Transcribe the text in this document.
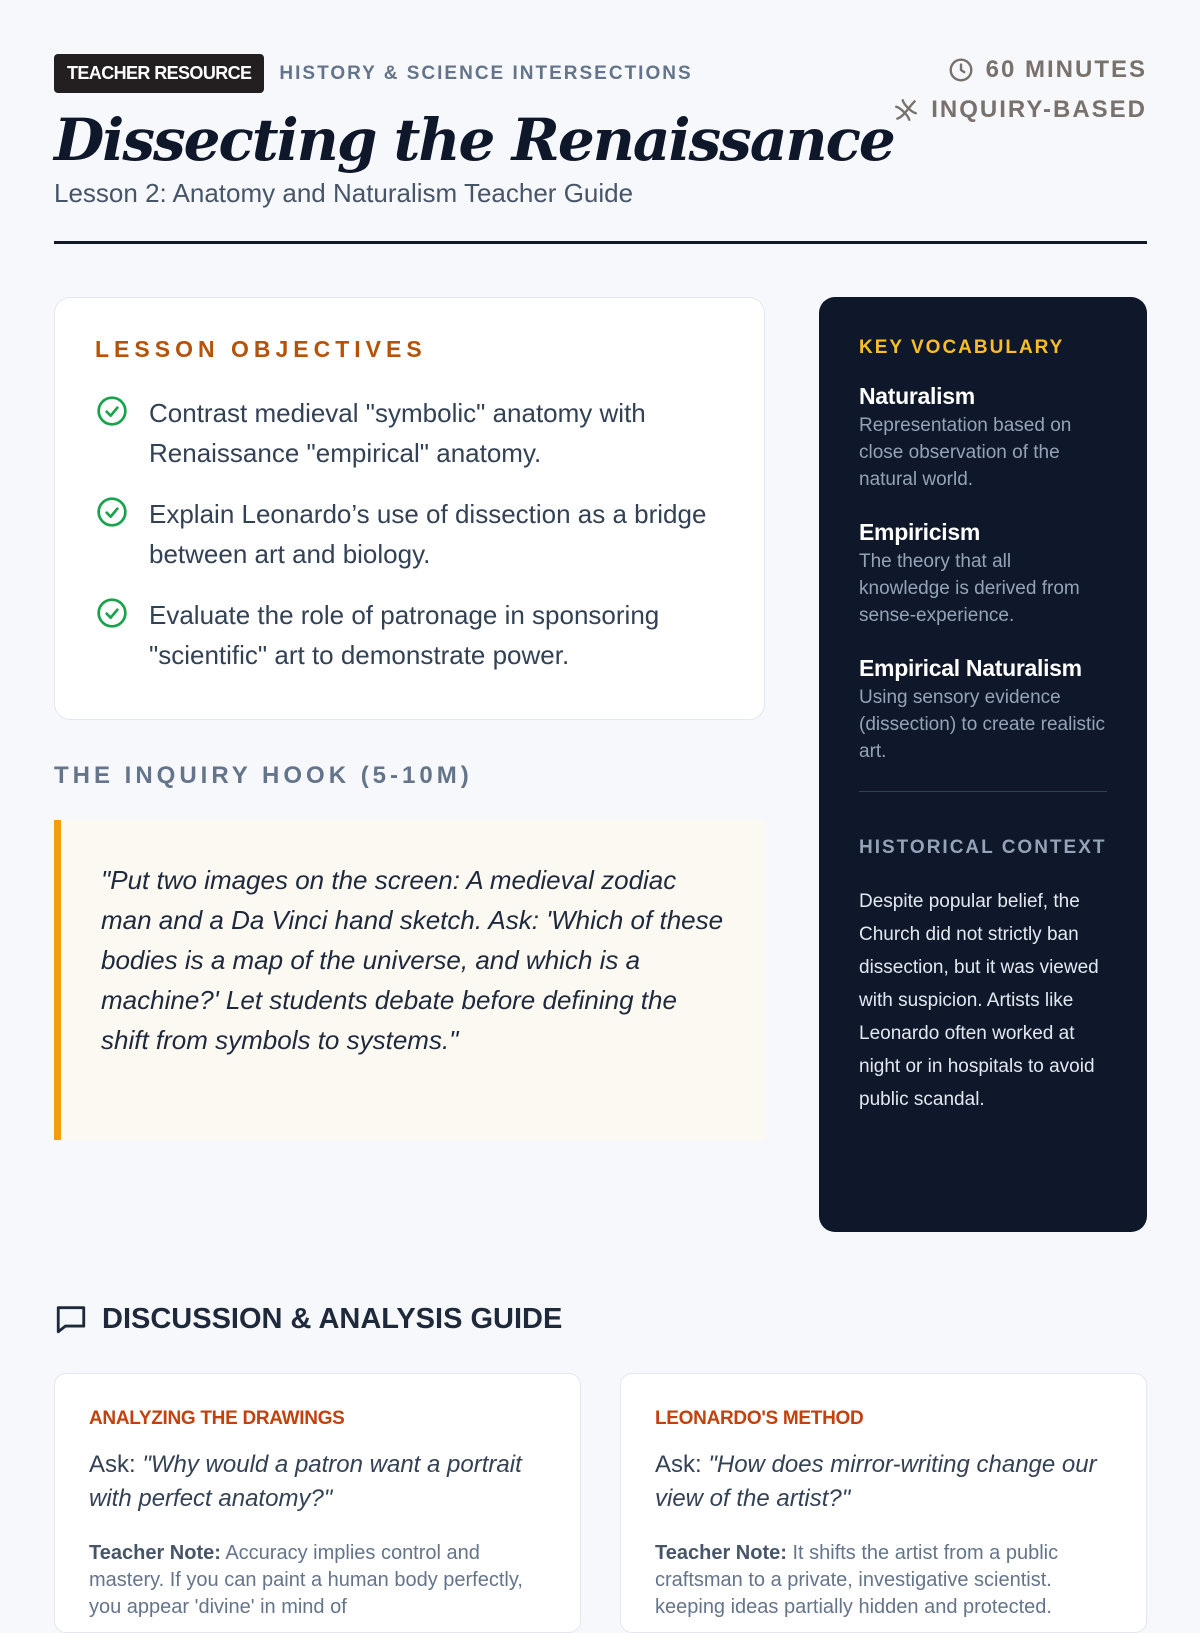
TEACHER RESOURCE	HISTORY & SCIENCE INTERSECTIONS
Dissecting the Renaissance
Lesson 2: Anatomy and Naturalism Teacher Guide
60 MINUTES
INQUIRY-BASED
LESSON OBJECTIVES
Contrast medieval "symbolic" anatomy with Renaissance "empirical" anatomy.
Explain Leonardo’s use of dissection as a bridge between art and biology.
Evaluate the role of patronage in sponsoring "scientific" art to demonstrate power.
THE INQUIRY HOOK (5-10M)

"Put two images on the screen: A medieval zodiac man and a Da Vinci hand sketch. Ask: 'Which of these bodies is a map of the universe, and which is a machine?' Let students debate before defining the shift from symbols to systems."

KEY VOCABULARY
Naturalism
Representation based on close observation of the natural world.
Empiricism
The theory that all knowledge is derived from sense-experience.
Empirical Naturalism
Using sensory evidence (dissection) to create realistic art.
HISTORICAL CONTEXT
Despite popular belief, the Church did not strictly ban dissection, but it was viewed with suspicion. Artists like Leonardo often worked at night or in hospitals to avoid public scandal.
DISCUSSION & ANALYSIS GUIDE
ANALYZING THE DRAWINGS
Ask: "Why would a patron want a portrait with perfect anatomy?"
Teacher Note: Accuracy implies control and mastery. If you can paint a human body perfectly, you appear 'divine' in mind of
LEONARDO'S METHOD
Ask: "How does mirror-writing change our view of the artist?"
Teacher Note: It shifts the artist from a public craftsman to a private, investigative scientist. keeping ideas partially hidden and protected.
